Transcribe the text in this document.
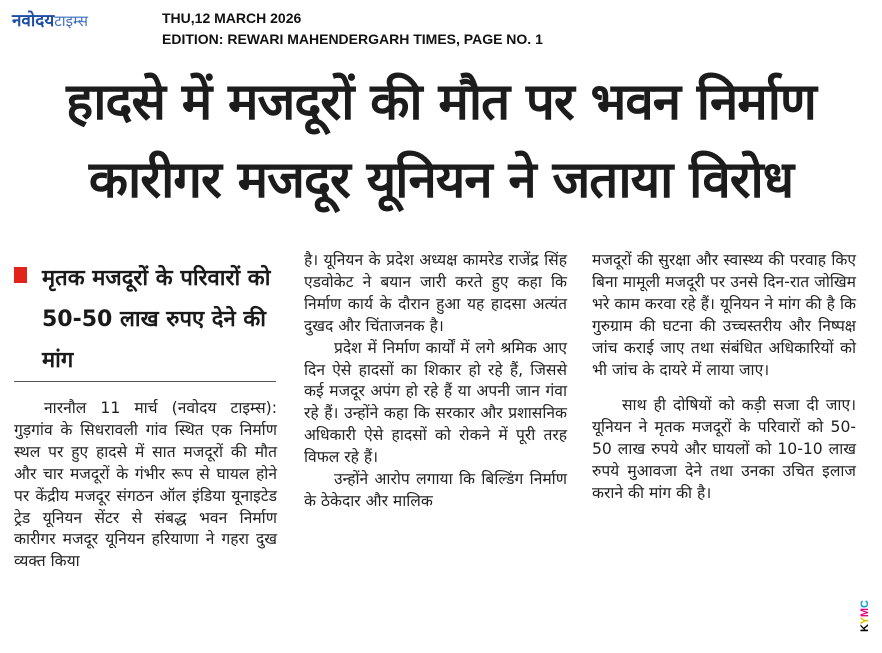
नवोदयटाइम्स	THU,12 MARCH 2026
EDITION: REWARI MAHENDERGARH TIMES, PAGE NO. 1
हादसे में मजदूरों की मौत पर भवन निर्माण
कारीगर मजदूर यूनियन ने जताया विरोध
मृतक मजदूरों के परिवारों को 50-50 लाख रुपए देने की मांग

नारनौल 11 मार्च (नवोदय टाइम्स): गुड़गांव के सिधरावली गांव स्थित एक निर्माण स्थल पर हुए हादसे में सात मजदूरों की मौत और चार मजदूरों के गंभीर रूप से घायल होने पर केंद्रीय मजदूर संगठन ऑल इंडिया यूनाइटेड ट्रेड यूनियन सेंटर से संबद्ध भवन निर्माण कारीगर मजदूर यूनियन हरियाणा ने गहरा दुख व्यक्त किया

है। यूनियन के प्रदेश अध्यक्ष कामरेड राजेंद्र सिंह एडवोकेट ने बयान जारी करते हुए कहा कि निर्माण कार्य के दौरान हुआ यह हादसा अत्यंत दुखद और चिंताजनक है।

प्रदेश में निर्माण कार्यों में लगे श्रमिक आए दिन ऐसे हादसों का शिकार हो रहे हैं, जिससे कई मजदूर अपंग हो रहे हैं या अपनी जान गंवा रहे हैं। उन्होंने कहा कि सरकार और प्रशासनिक अधिकारी ऐसे हादसों को रोकने में पूरी तरह विफल रहे हैं।

उन्होंने आरोप लगाया कि बिल्डिंग निर्माण के ठेकेदार और मालिक

मजदूरों की सुरक्षा और स्वास्थ्य की परवाह किए बिना मामूली मजदूरी पर उनसे दिन-रात जोखिम भरे काम करवा रहे हैं। यूनियन ने मांग की है कि गुरुग्राम की घटना की उच्चस्तरीय और निष्पक्ष जांच कराई जाए तथा संबंधित अधिकारियों को भी जांच के दायरे में लाया जाए।

साथ ही दोषियों को कड़ी सजा दी जाए। यूनियन ने मृतक मजदूरों के परिवारों को 50-50 लाख रुपये और घायलों को 10-10 लाख रुपये मुआवजा देने तथा उनका उचित इलाज कराने की मांग की है।

C
M
Y
K
